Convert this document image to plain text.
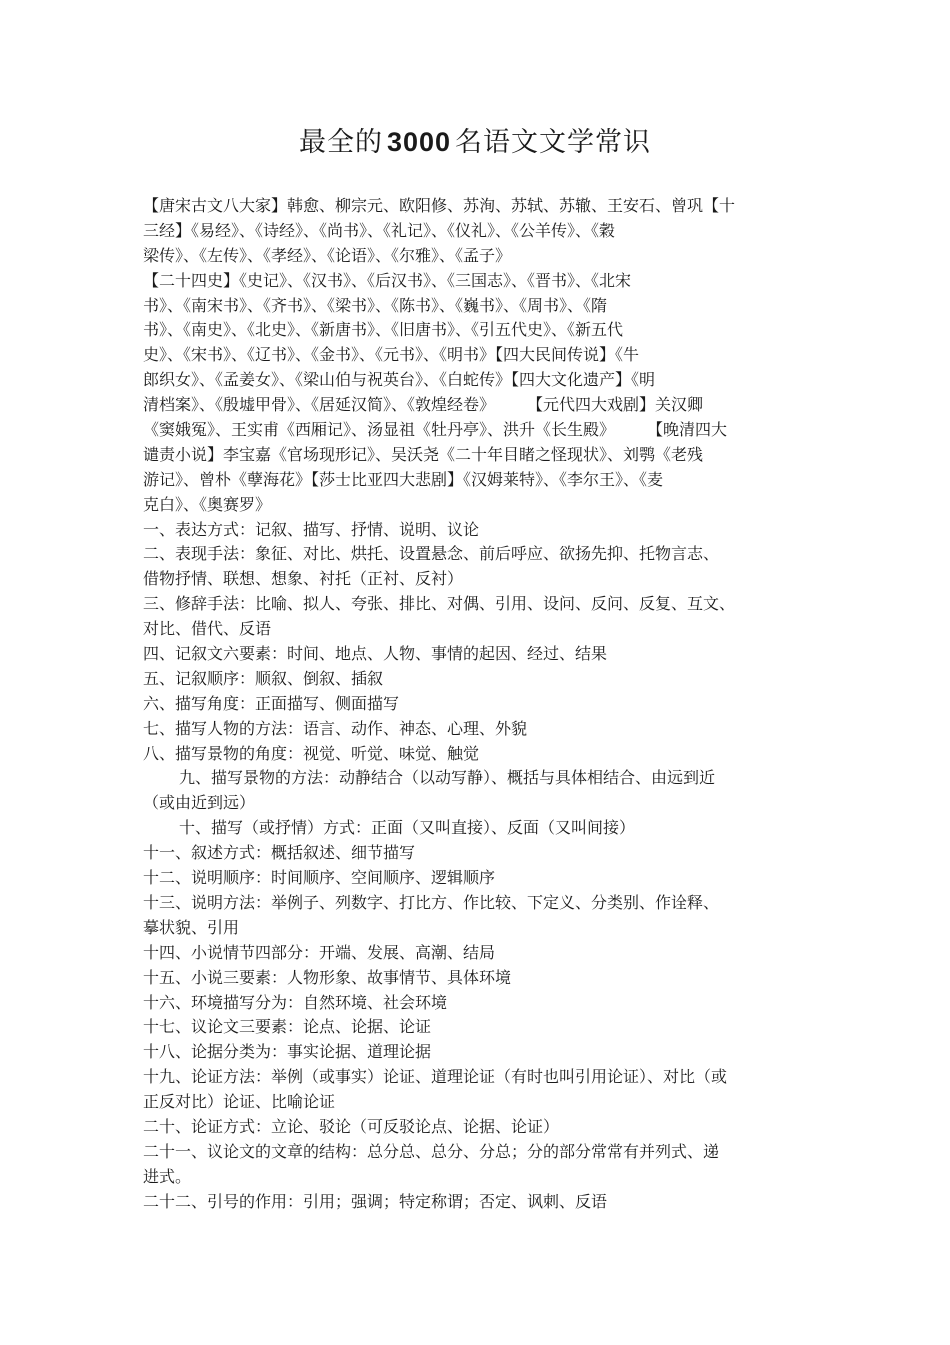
最全的 3000 名语文文学常识
【唐宋古文八大家】韩愈、柳宗元、欧阳修、苏洵、苏轼、苏辙、王安石、曾巩【十
三经】《易经》、《诗经》、《尚书》、《礼记》、《仪礼》、《公羊传》、《穀
梁传》、《左传》、《孝经》、《论语》、《尔雅》、《孟子》
【二十四史】《史记》、《汉书》、《后汉书》、《三国志》、《晋书》、《北宋
书》、《南宋书》、《齐书》、《梁书》、《陈书》、《巍书》、《周书》、《隋
书》、《南史》、《北史》、《新唐书》、《旧唐书》、《引五代史》、《新五代
史》、《宋书》、《辽书》、《金书》、《元书》、《明书》【四大民间传说】《牛
郎织女》、《孟姜女》、《梁山伯与祝英台》、《白蛇传》【四大文化遗产】《明
清档案》、《殷墟甲骨》、《居延汉简》、《敦煌经卷》　　　【元代四大戏剧】关汉卿
《窦娥冤》、王实甫《西厢记》、汤显祖《牡丹亭》、洪升《长生殿》　　　【晚清四大
谴责小说】李宝嘉《官场现形记》、吴沃尧《二十年目睹之怪现状》、刘鹗《老残
游记》、曾朴《孽海花》【莎士比亚四大悲剧】《汉姆莱特》、《李尔王》、《麦
克白》、《奥赛罗》
一、表达方式：记叙、描写、抒情、说明、议论
二、表现手法：象征、对比、烘托、设置悬念、前后呼应、欲扬先抑、托物言志、
借物抒情、联想、想象、衬托（正衬、反衬）
三、修辞手法：比喻、拟人、夸张、排比、对偶、引用、设问、反问、反复、互文、
对比、借代、反语
四、记叙文六要素：时间、地点、人物、事情的起因、经过、结果
五、记叙顺序：顺叙、倒叙、插叙
六、描写角度：正面描写、侧面描写
七、描写人物的方法：语言、动作、神态、心理、外貌
八、描写景物的角度：视觉、听觉、味觉、触觉
九、描写景物的方法：动静结合（以动写静）、概括与具体相结合、由远到近
（或由近到远）
十、描写（或抒情）方式：正面（又叫直接）、反面（又叫间接）
十一、叙述方式：概括叙述、细节描写
十二、说明顺序：时间顺序、空间顺序、逻辑顺序
十三、说明方法：举例子、列数字、打比方、作比较、下定义、分类别、作诠释、
摹状貌、引用
十四、小说情节四部分：开端、发展、高潮、结局
十五、小说三要素：人物形象、故事情节、具体环境
十六、环境描写分为：自然环境、社会环境
十七、议论文三要素：论点、论据、论证
十八、论据分类为：事实论据、道理论据
十九、论证方法：举例（或事实）论证、道理论证（有时也叫引用论证）、对比（或
正反对比）论证、比喻论证
二十、论证方式：立论、驳论（可反驳论点、论据、论证）
二十一、议论文的文章的结构：总分总、总分、分总；分的部分常常有并列式、递
进式。
二十二、引号的作用：引用；强调；特定称谓；否定、讽刺、反语
